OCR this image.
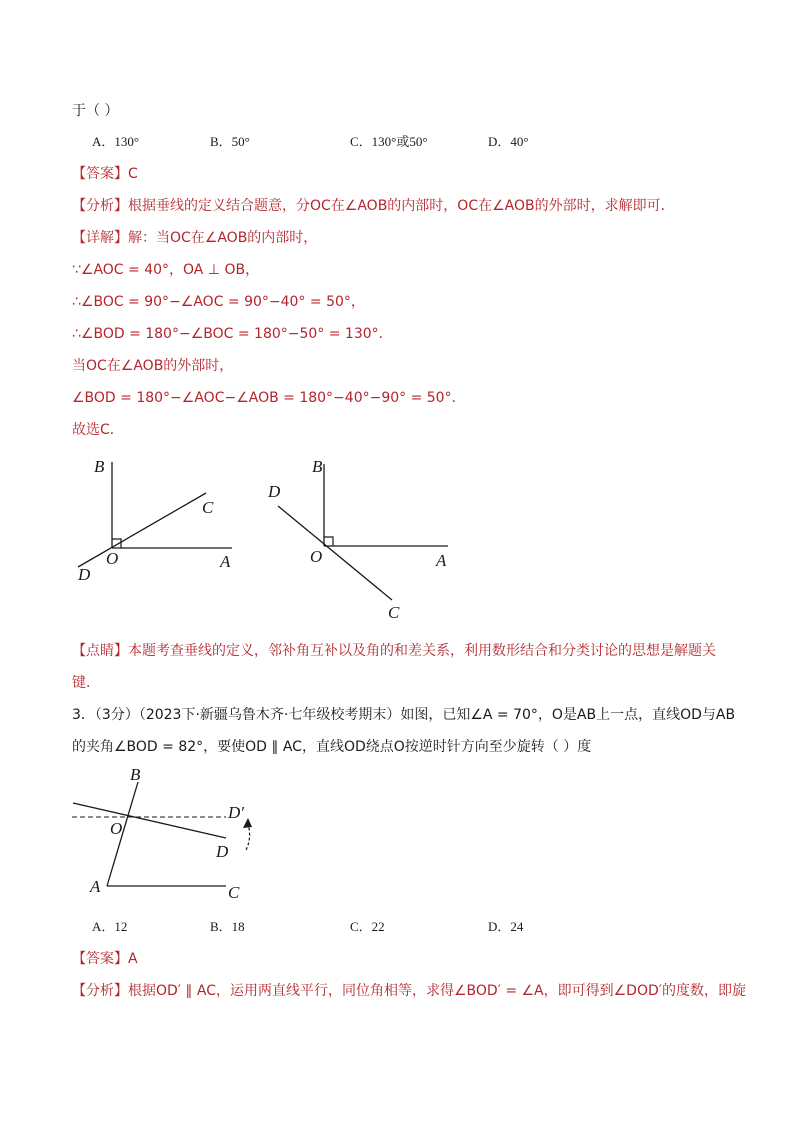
于（ ）
A．130°	B．50°	C．130°或50°	D．40°
【答案】C
【分析】根据垂线的定义结合题意，分OC在∠AOB的内部时，OC在∠AOB的外部时，求解即可．
【详解】解：当OC在∠AOB的内部时，
∵∠AOC = 40°，OA ⊥ OB，
∴∠BOC = 90°−∠AOC = 90°−40° = 50°，
∴∠BOD = 180°−∠BOC = 180°−50° = 130°．
当OC在∠AOB的外部时，
∠BOD = 180°−∠AOC−∠AOB = 180°−40°−90° = 50°．
故选C．
B
C
O	A
D
B
D
O	A
C
【点睛】本题考查垂线的定义，邻补角互补以及角的和差关系，利用数形结合和分类讨论的思想是解题关
键．
3．（3分）（2023下·新疆乌鲁木齐·七年级校考期末）如图，已知∠A = 70°，O是AB上一点，直线OD与AB
的夹角∠BOD = 82°，要使OD ∥ AC，直线OD绕点O按逆时针方向至少旋转（ ）度
B
D′
O
D
A	C
A．12	B．18	C．22	D．24
【答案】A
【分析】根据OD′ ∥ AC，运用两直线平行，同位角相等，求得∠BOD′ = ∠A，即可得到∠DOD′的度数，即旋
